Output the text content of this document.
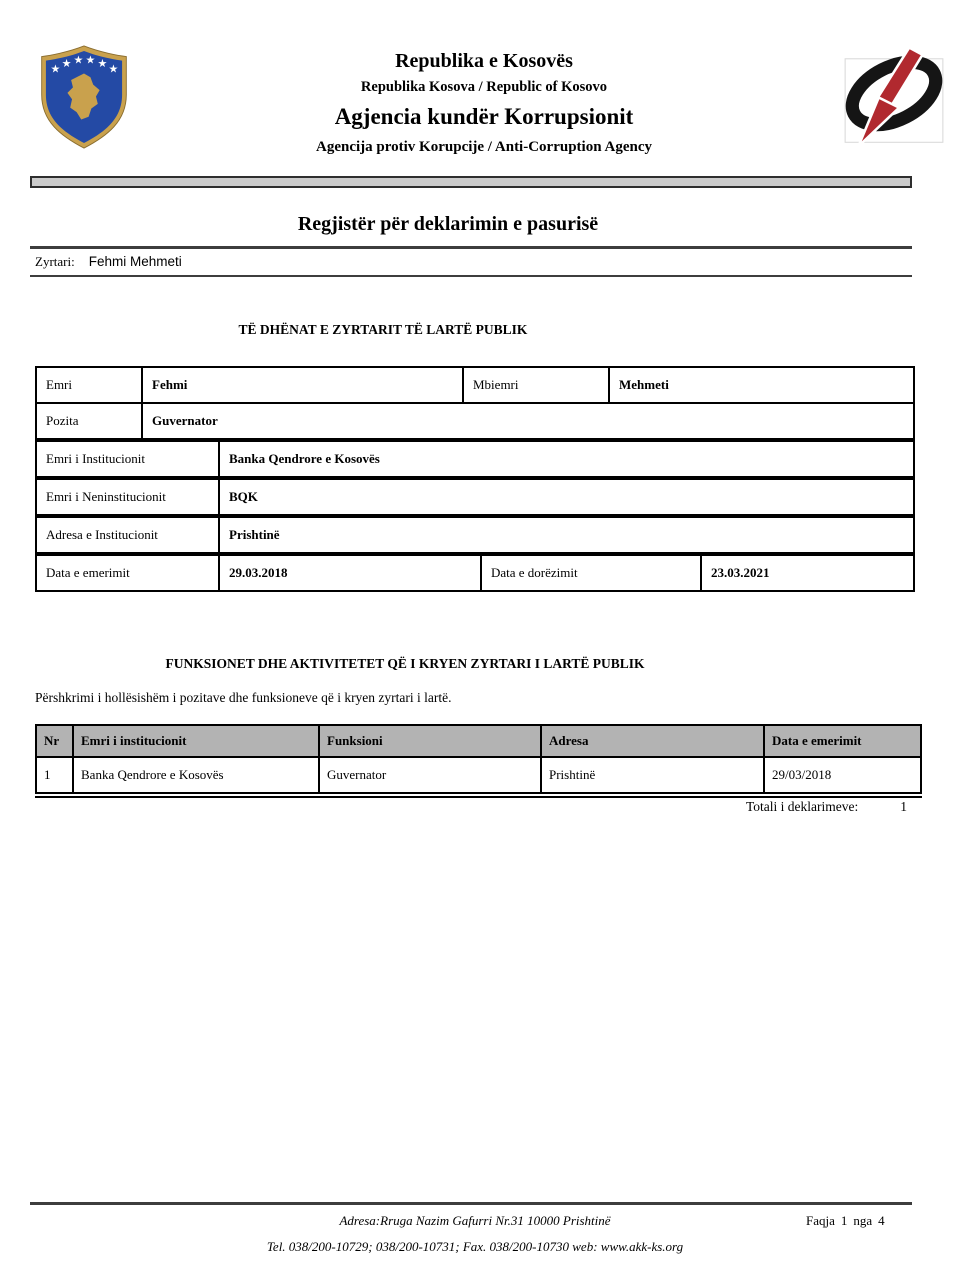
★ ★ ★ ★ ★ ★	Republika e Kosovës
Republika Kosova / Republic of Kosovo
Agjencia kundër Korrupsionit
Agencija protiv Korupcije / Anti-Corruption Agency
Regjistër për deklarimin e pasurisë
Zyrtari: Fehmi Mehmeti
TË DHËNAT E ZYRTARIT TË LARTË PUBLIK
Emri	Fehmi	Mbiemri	Mehmeti
Pozita	Guvernator		
Emri i Institucionit	Banka Qendrore e Kosovës
Emri i Neninstitucionit	BQK
Adresa e Institucionit	Prishtinë
Data e emerimit	29.03.2018	Data e dorëzimit	23.03.2021
FUNKSIONET DHE AKTIVITETET QË I KRYEN ZYRTARI I LARTË PUBLIK
Përshkrimi i hollësishëm i pozitave dhe funksioneve që i kryen zyrtari i lartë.
Nr	Emri i institucionit	Funksioni	Adresa	Data e emerimit
1	Banka Qendrore e Kosovës	Guvernator	Prishtinë	29/03/2018
Totali i deklarimeve:	1
Adresa:Rruga Nazim Gafurri Nr.31 10000 Prishtinë
Tel. 038/200-10729; 038/200-10731; Fax. 038/200-10730 web: www.akk-ks.org
Faqja 1 nga 4
